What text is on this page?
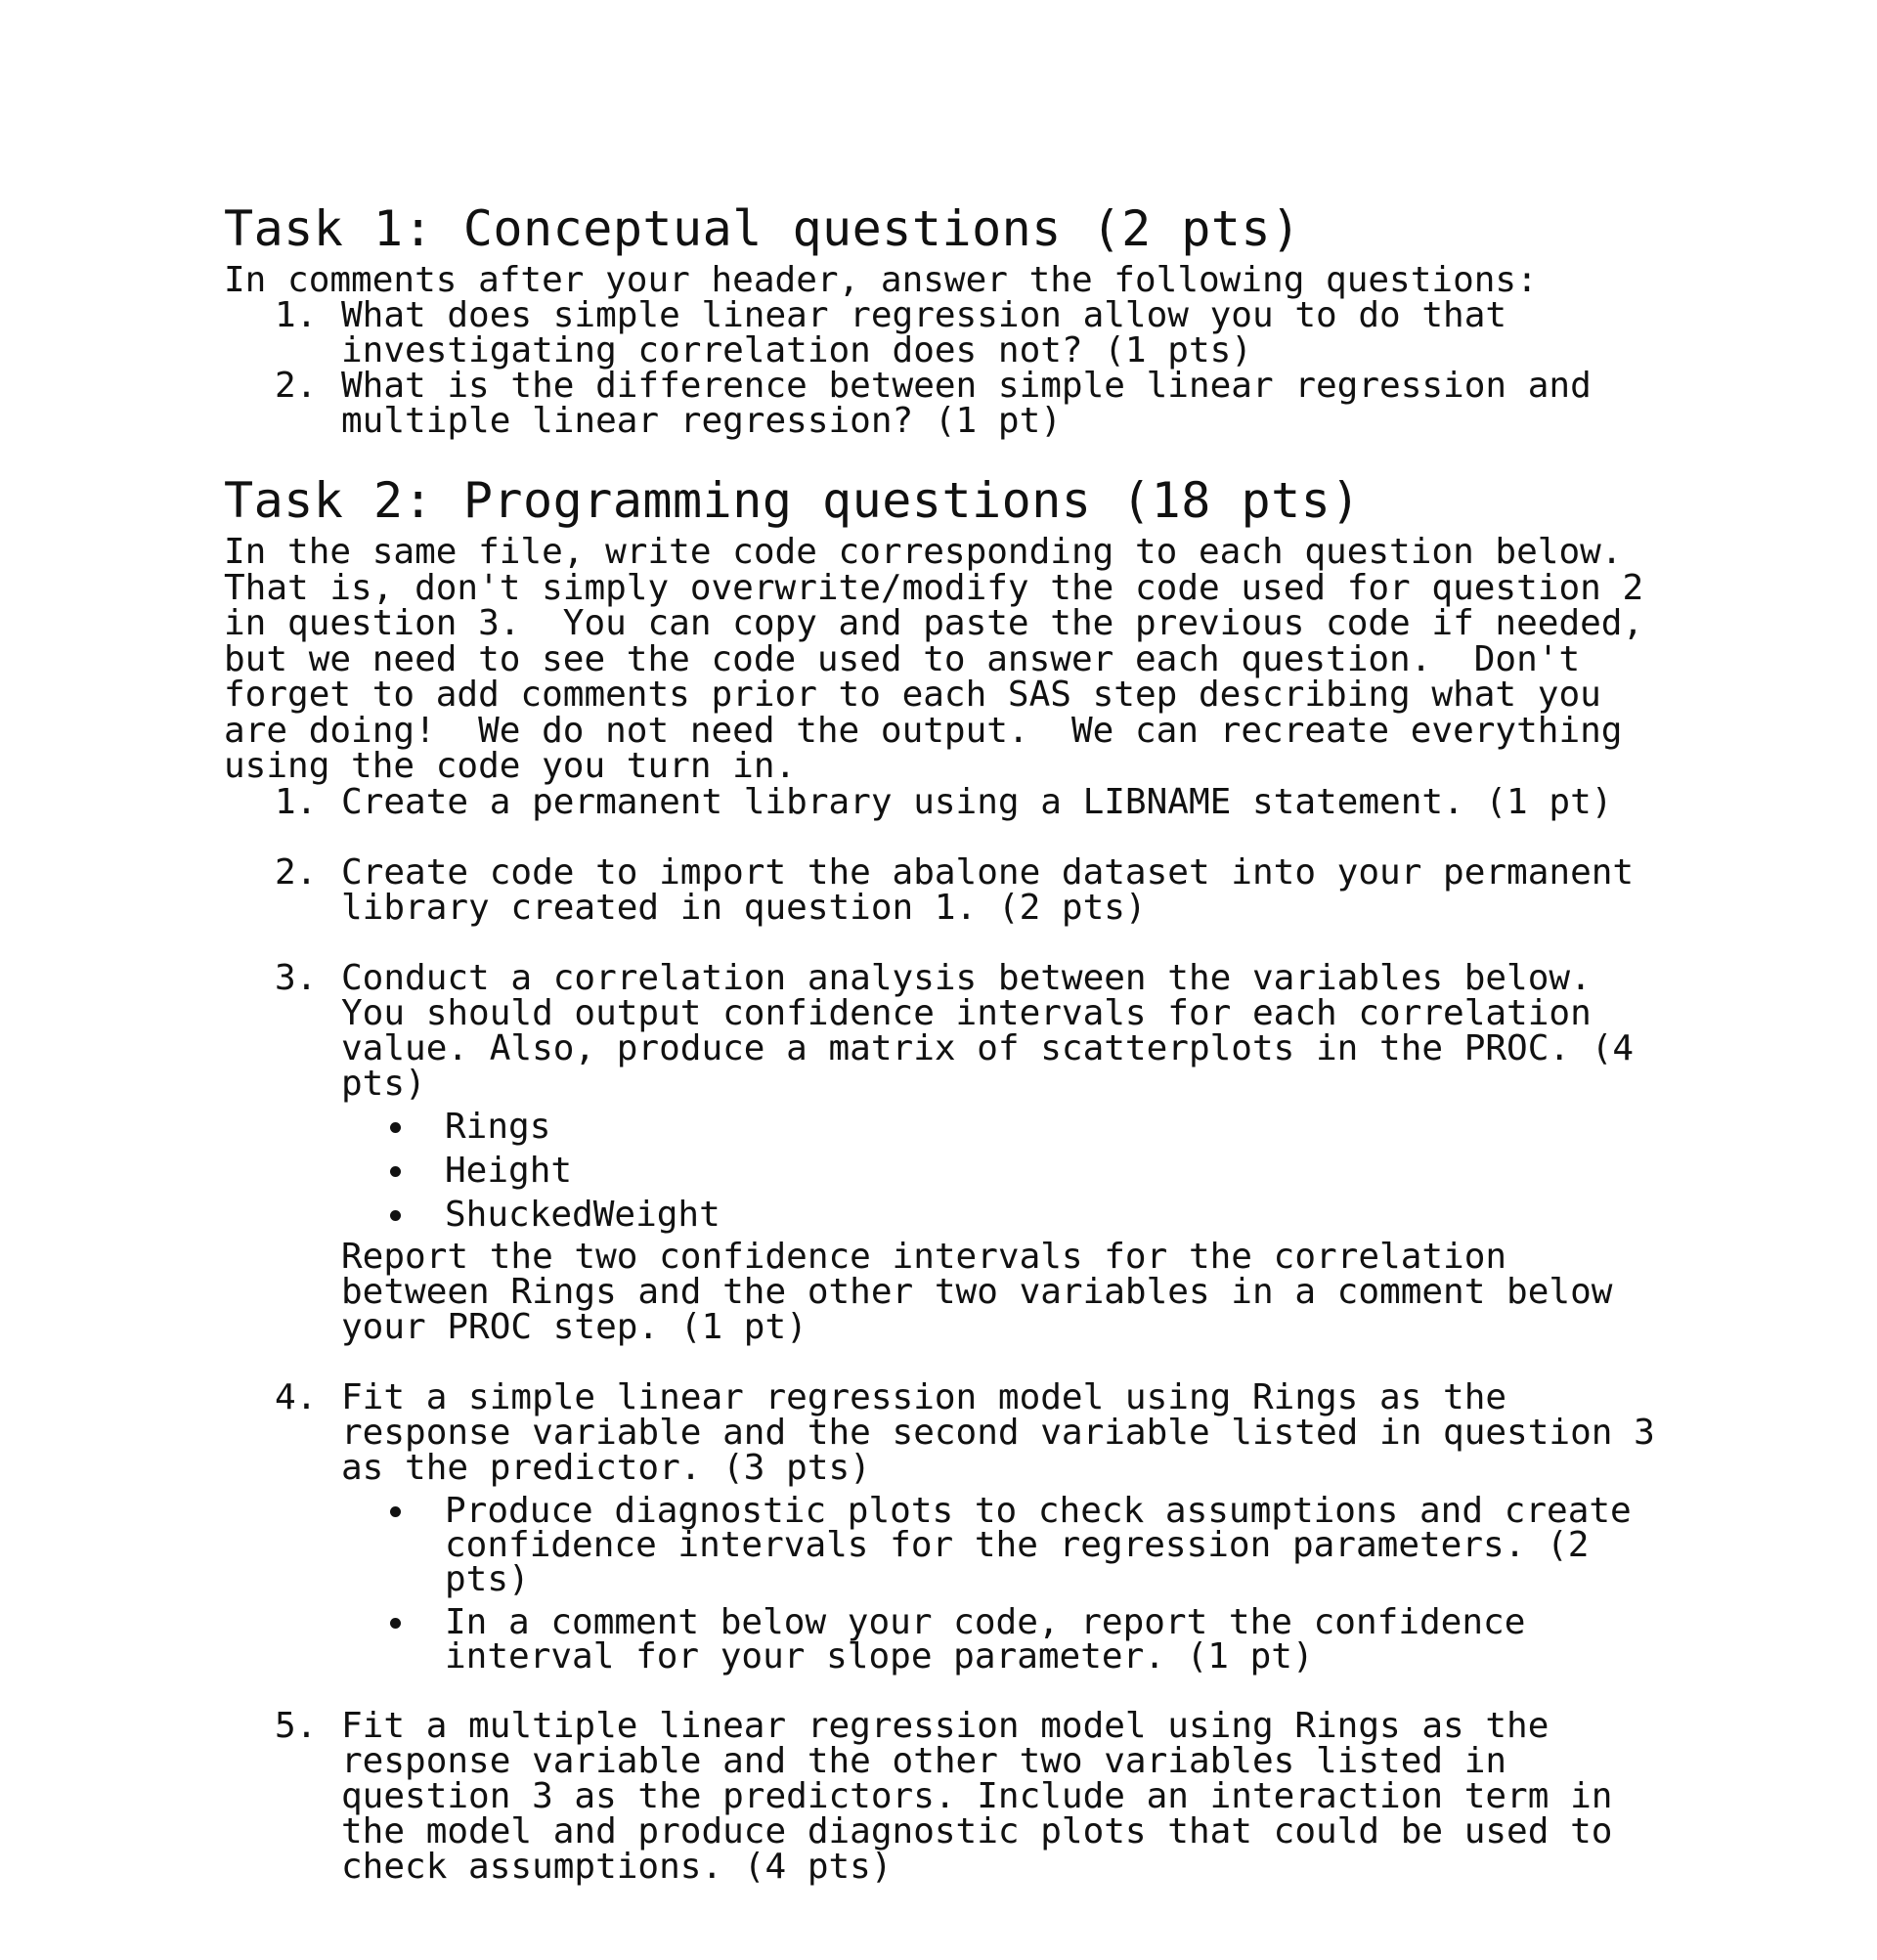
Task 1: Conceptual questions (2 pts)

In comments after your header, answer the following questions:

1. What does simple linear regression allow you to do that investigating correlation does not? (1 pts)
2. What is the difference between simple linear regression and multiple linear regression? (1 pt)
Task 2: Programming questions (18 pts)

In the same file, write code corresponding to each question below. That is, don't simply overwrite/modify the code used for question 2 in question 3.  You can copy and paste the previous code if needed, but we need to see the code used to answer each question.  Don't forget to add comments prior to each SAS step describing what you are doing!  We do not need the output.  We can recreate everything using the code you turn in.

1. Create a permanent library using a LIBNAME statement. (1 pt)
2. Create code to import the abalone dataset into your permanent library created in question 1. (2 pts)
3. Conduct a correlation analysis between the variables below. You should output confidence intervals for each correlation value. Also, produce a matrix of scatterplots in the PROC. (4 pts)
Rings
Height
ShuckedWeight
Report the two confidence intervals for the correlation between Rings and the other two variables in a comment below your PROC step. (1 pt)
4. Fit a simple linear regression model using Rings as the response variable and the second variable listed in question 3 as the predictor. (3 pts)
Produce diagnostic plots to check assumptions and create confidence intervals for the regression parameters. (2 pts)
In a comment below your code, report the confidence interval for your slope parameter. (1 pt)
5. Fit a multiple linear regression model using Rings as the response variable and the other two variables listed in question 3 as the predictors. Include an interaction term in the model and produce diagnostic plots that could be used to check assumptions. (4 pts)
